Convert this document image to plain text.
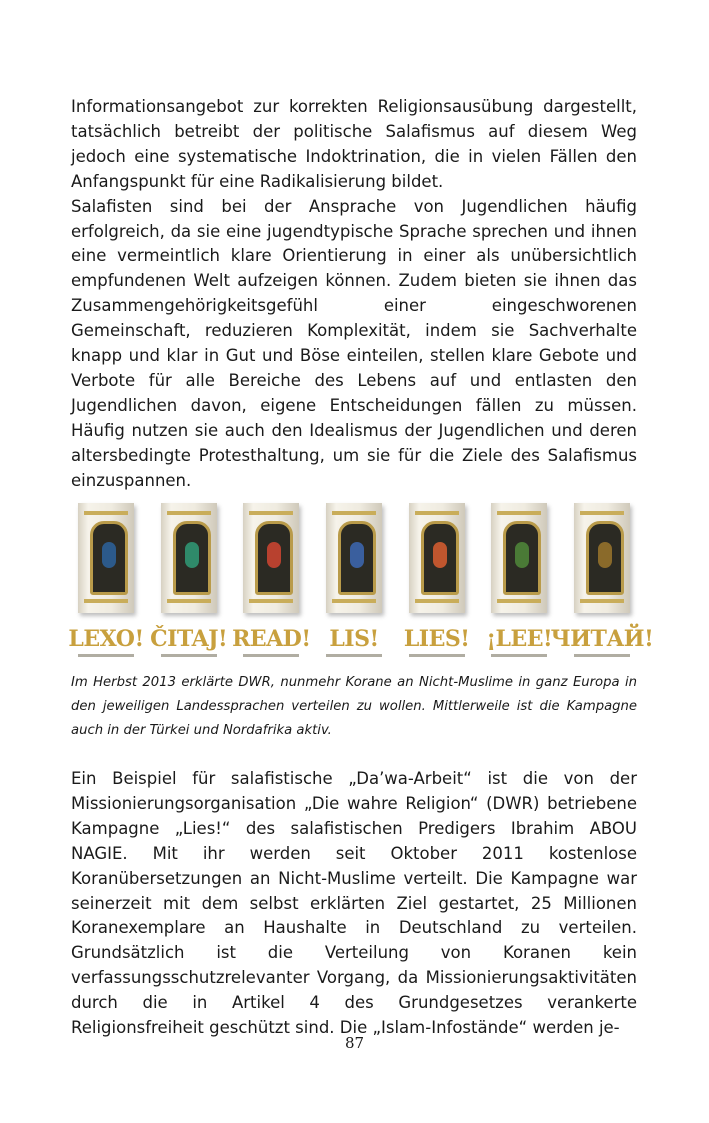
Informationsangebot zur korrekten Religionsausübung dargestellt, tatsächlich betreibt der politische Salafismus auf diesem Weg jedoch eine systematische Indoktrination, die in vielen Fällen den Anfangspunkt für eine Radikalisierung bildet.

Salafisten sind bei der Ansprache von Jugendlichen häufig erfolgreich, da sie eine jugendtypische Sprache sprechen und ihnen eine vermeintlich klare Orientierung in einer als unübersichtlich empfundenen Welt aufzeigen können. Zudem bieten sie ihnen das Zusammengehörigkeitsgefühl einer eingeschworenen Gemeinschaft, reduzieren Komplexität, indem sie Sachverhalte knapp und klar in Gut und Böse einteilen, stellen klare Gebote und Verbote für alle Bereiche des Lebens auf und entlasten den Jugendlichen davon, eigene Entscheidungen fällen zu müssen. Häufig nutzen sie auch den Idealismus der Jugendlichen und deren altersbedingte Protesthaltung, um sie für die Ziele des Salafismus einzuspannen.

LEXO! ČITAJ! READ! LIS! LIES! ¡LEE!
ЧИТАЙ!
Im Herbst 2013 erklärte DWR, nunmehr Korane an Nicht-Muslime in ganz Europa in den jeweiligen Landessprachen verteilen zu wollen. Mittlerweile ist die Kampagne auch in der Türkei und Nordafrika aktiv.

Ein Beispiel für salafistische „Da’wa-Arbeit“ ist die von der Missionierungsorganisation „Die wahre Religion“ (DWR) betriebene Kampagne „Lies!“ des salafistischen Predigers Ibrahim ABOU NAGIE. Mit ihr werden seit Oktober 2011 kostenlose Koranübersetzungen an Nicht-Muslime verteilt. Die Kampagne war seinerzeit mit dem selbst erklärten Ziel gestartet, 25 Millionen Koranexemplare an Haushalte in Deutschland zu verteilen. Grundsätzlich ist die Verteilung von Koranen kein verfassungsschutzrelevanter Vorgang, da Missionierungsaktivitäten durch die in Artikel 4 des Grundgesetzes verankerte Religionsfreiheit geschützt sind. Die „Islam-Infostände“ werden je-

87
